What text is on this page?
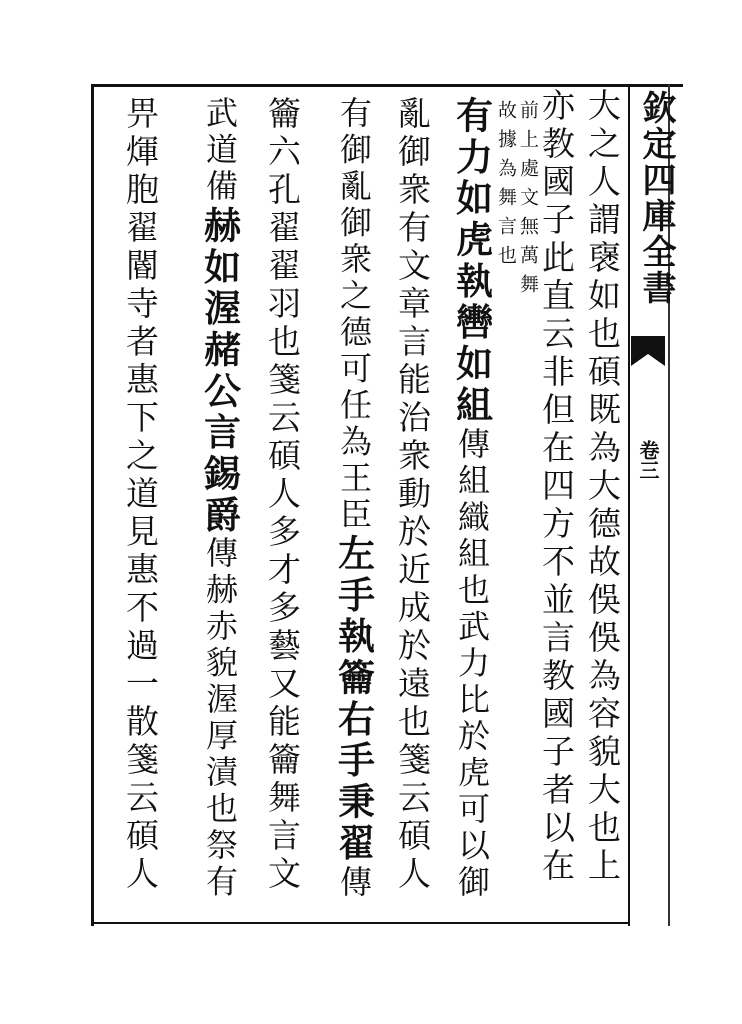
欽定四庫全書
卷三
大之人謂襃如也碩既為大德故俁俁為容貌大也上
亦教國子此直云非但在四方不並言教國子者以在
前上處文無萬舞
故據為舞言也
有力如虎執轡如組
傳組織組也武力比於虎可以御
亂御衆有文章言能治衆動於近成於遠也箋云碩人
有御亂御衆之德可任為王臣
左手執籥右手秉翟
傳
籥六孔翟翟羽也箋云碩人多才多藝又能籥舞言文
武道備
赫如渥赭公言錫爵
傳赫赤貌渥厚漬也祭有
畀煇胞翟閽寺者惠下之道見惠不過一散箋云碩人
